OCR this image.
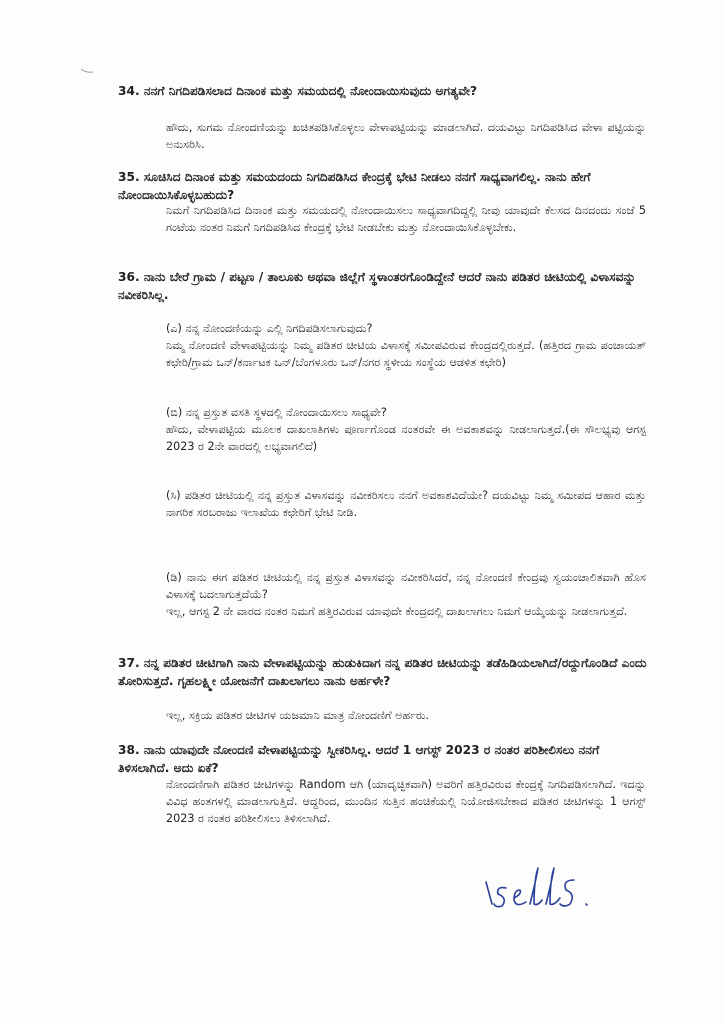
34. ನನಗೆ ನಿಗದಿಪಡಿಸಲಾದ ದಿನಾಂಕ ಮತ್ತು ಸಮಯದಲ್ಲಿ ನೋಂದಾಯಿಸುವುದು ಅಗತ್ಯವೇ?

ಹೌದು, ಸುಗಮ ನೋಂದಣಿಯನ್ನು ಖಚಿತಪಡಿಸಿಕೊಳ್ಳಲು ವೇಳಾಪಟ್ಟಿಯನ್ನು ಮಾಡಲಾಗಿದೆ. ದಯವಿಟ್ಟು ನಿಗದಿಪಡಿಸಿದ ವೇಳಾ ಪಟ್ಟಿಯನ್ನು ಅನುಸರಿಸಿ.

35. ಸೂಚಿಸಿದ ದಿನಾಂಕ ಮತ್ತು ಸಮಯದಂದು ನಿಗದಿಪಡಿಸಿದ ಕೇಂದ್ರಕ್ಕೆ ಭೇಟಿ ನೀಡಲು ನನಗೆ ಸಾಧ್ಯವಾಗಲಿಲ್ಲ. ನಾನು ಹೇಗೆ ನೋಂದಾಯಿಸಿಕೊಳ್ಳಬಹುದು?

ನಿಮಗೆ ನಿಗದಿಪಡಿಸಿದ ದಿನಾಂಕ ಮತ್ತು ಸಮಯದಲ್ಲಿ ನೋಂದಾಯಿಸಲು ಸಾಧ್ಯವಾಗದಿದ್ದಲ್ಲಿ ನೀವು ಯಾವುದೇ ಕೆಲಸದ ದಿನದಂದು ಸಂಜೆ 5 ಗಂಟೆಯ ನಂತರ ನಿಮಗೆ ನಿಗದಿಪಡಿಸಿದ ಕೇಂದ್ರಕ್ಕೆ ಭೇಟಿ ನೀಡಬೇಕು ಮತ್ತು ನೋಂದಾಯಿಸಿಕೊಳ್ಳಬೇಕು.

36. ನಾನು ಬೇರೆ ಗ್ರಾಮ / ಪಟ್ಟಣ / ತಾಲೂಕು ಅಥವಾ ಜಿಲ್ಲೆಗೆ ಸ್ಥಳಾಂತರಗೊಂಡಿದ್ದೇನೆ ಆದರೆ ನಾನು ಪಡಿತರ ಚೀಟಿಯಲ್ಲಿ ವಿಳಾಸವನ್ನು ನವೀಕರಿಸಿಲ್ಲ.

(ಎ) ನನ್ನ ನೋಂದಣಿಯನ್ನು ಎಲ್ಲಿ ನಿಗದಿಪಡಿಸಲಾಗುವುದು?

ನಿಮ್ಮ ನೋಂದಣಿ ವೇಳಾಪಟ್ಟಿಯನ್ನು ನಿಮ್ಮ ಪಡಿತರ ಚೀಟಿಯ ವಿಳಾಸಕ್ಕೆ ಸಮೀಪವಿರುವ ಕೇಂದ್ರದಲ್ಲಿರುತ್ತದೆ. (ಹತ್ತಿರದ ಗ್ರಾಮ ಪಂಚಾಯತ್ ಕಛೇರಿ/ಗ್ರಾಮ ಒನ್/ಕರ್ನಾಟಕ ಒನ್/ಬೆಂಗಳೂರು ಒನ್/ನಗರ ಸ್ಥಳೀಯ ಸಂಸ್ಥೆಯ ಆಡಳಿತ ಕಛೇರಿ)

(ಬಿ) ನನ್ನ ಪ್ರಸ್ತುತ ವಸತಿ ಸ್ಥಳದಲ್ಲಿ ನೋಂದಾಯಿಸಲು ಸಾಧ್ಯವೇ?

ಹೌದು, ವೇಳಾಪಟ್ಟಿಯ ಮೂಲಕ ದಾಖಲಾತಿಗಳು ಪೂರ್ಣಗೊಂಡ ನಂತರವೇ ಈ ಅವಕಾಶವನ್ನು ನೀಡಲಾಗುತ್ತದೆ.(ಈ ಸೌಲಭ್ಯವು ಆಗಸ್ಟ 2023 ರ 2ನೇ ವಾರದಲ್ಲಿ ಲಭ್ಯವಾಗಲಿದೆ)

(ಸಿ) ಪಡಿತರ ಚೀಟಿಯಲ್ಲಿ ನನ್ನ ಪ್ರಸ್ತುತ ವಿಳಾಸವನ್ನು ನವೀಕರಿಸಲು ನನಗೆ ಅವಕಾಶವಿದೆಯೇ? ದಯವಿಟ್ಟು ನಿಮ್ಮ ಸಮೀಪದ ಆಹಾರ ಮತ್ತು ನಾಗರಿಕ ಸರಬರಾಜು ಇಲಾಖೆಯ ಕಛೇರಿಗೆ ಭೇಟಿ ನೀಡಿ.

(ಡಿ) ನಾನು ಈಗ ಪಡಿತರ ಚೀಟಿಯಲ್ಲಿ ನನ್ನ ಪ್ರಸ್ತುತ ವಿಳಾಸವನ್ನು ನವೀಕರಿಸಿದರೆ, ನನ್ನ ನೋಂದಣಿ ಕೇಂದ್ರವು ಸ್ವಯಂಚಾಲಿತವಾಗಿ ಹೊಸ ವಿಳಾಸಕ್ಕೆ ಬದಲಾಗುತ್ತದೆಯೆ?

ಇಲ್ಲ, ಆಗಸ್ಟ 2 ನೇ ವಾರದ ನಂತರ ನಿಮಗೆ ಹತ್ತಿರವಿರುವ ಯಾವುದೇ ಕೇಂದ್ರದಲ್ಲಿ ದಾಖಲಾಗಲು ನಿಮಗೆ ಆಯ್ಕೆಯನ್ನು ನೀಡಲಾಗುತ್ತದೆ.

37. ನನ್ನ ಪಡಿತರ ಚೀಟಿಗಾಗಿ ನಾನು ವೇಳಾಪಟ್ಟಿಯನ್ನು ಹುಡುಕಿದಾಗ ನನ್ನ ಪಡಿತರ ಚೀಟಿಯನ್ನು ತಡೆಹಿಡಿಯಲಾಗಿದೆ/ರದ್ದುಗೊಂಡಿದೆ ಎಂದು ತೋರಿಸುತ್ತದೆ. ಗೃಹಲಕ್ಷ್ಮೀ ಯೋಜನೆಗೆ ದಾಖಲಾಗಲು ನಾನು ಅರ್ಹಳೇ?

ಇಲ್ಲ, ಸಕ್ರಿಯ ಪಡಿತರ ಚೀಟಿಗಳ ಯಜಮಾನಿ ಮಾತ್ರ ನೋಂದಣಿಗೆ ಅರ್ಹರು.

38. ನಾನು ಯಾವುದೇ ನೋಂದಣಿ ವೇಳಾಪಟ್ಟಿಯನ್ನು ಸ್ವೀಕರಿಸಿಲ್ಲ. ಆದರೆ 1 ಆಗಸ್ಟ್ 2023 ರ ನಂತರ ಪರಿಶೀಲಿಸಲು ನನಗೆ ತಿಳಿಸಲಾಗಿದೆ. ಅದು ಏಕೆ?

ನೋಂದಣಿಗಾಗಿ ಪಡಿತರ ಚೀಟಿಗಳನ್ನು Random ಆಗಿ (ಯಾದೃಚ್ಛಿಕವಾಗಿ) ಅವರಿಗೆ ಹತ್ತಿರವಿರುವ ಕೇಂದ್ರಕ್ಕೆ ನಿಗದಿಪಡಿಸಲಾಗಿದೆ. ಇದನ್ನು ವಿವಿಧ ಹಂತಗಳಲ್ಲಿ ಮಾಡಲಾಗುತ್ತಿದೆ. ಆದ್ದರಿಂದ, ಮುಂದಿನ ಸುತ್ತಿನ ಹಂಚಿಕೆಯಲ್ಲಿ ನಿಯೋಜಿಸಬೇಕಾದ ಪಡಿತರ ಚೀಟಿಗಳನ್ನು 1 ಆಗಸ್ಟ್ 2023 ರ ನಂತರ ಪರಿಶೀಲಿಸಲು ತಿಳಿಸಲಾಗಿದೆ.
